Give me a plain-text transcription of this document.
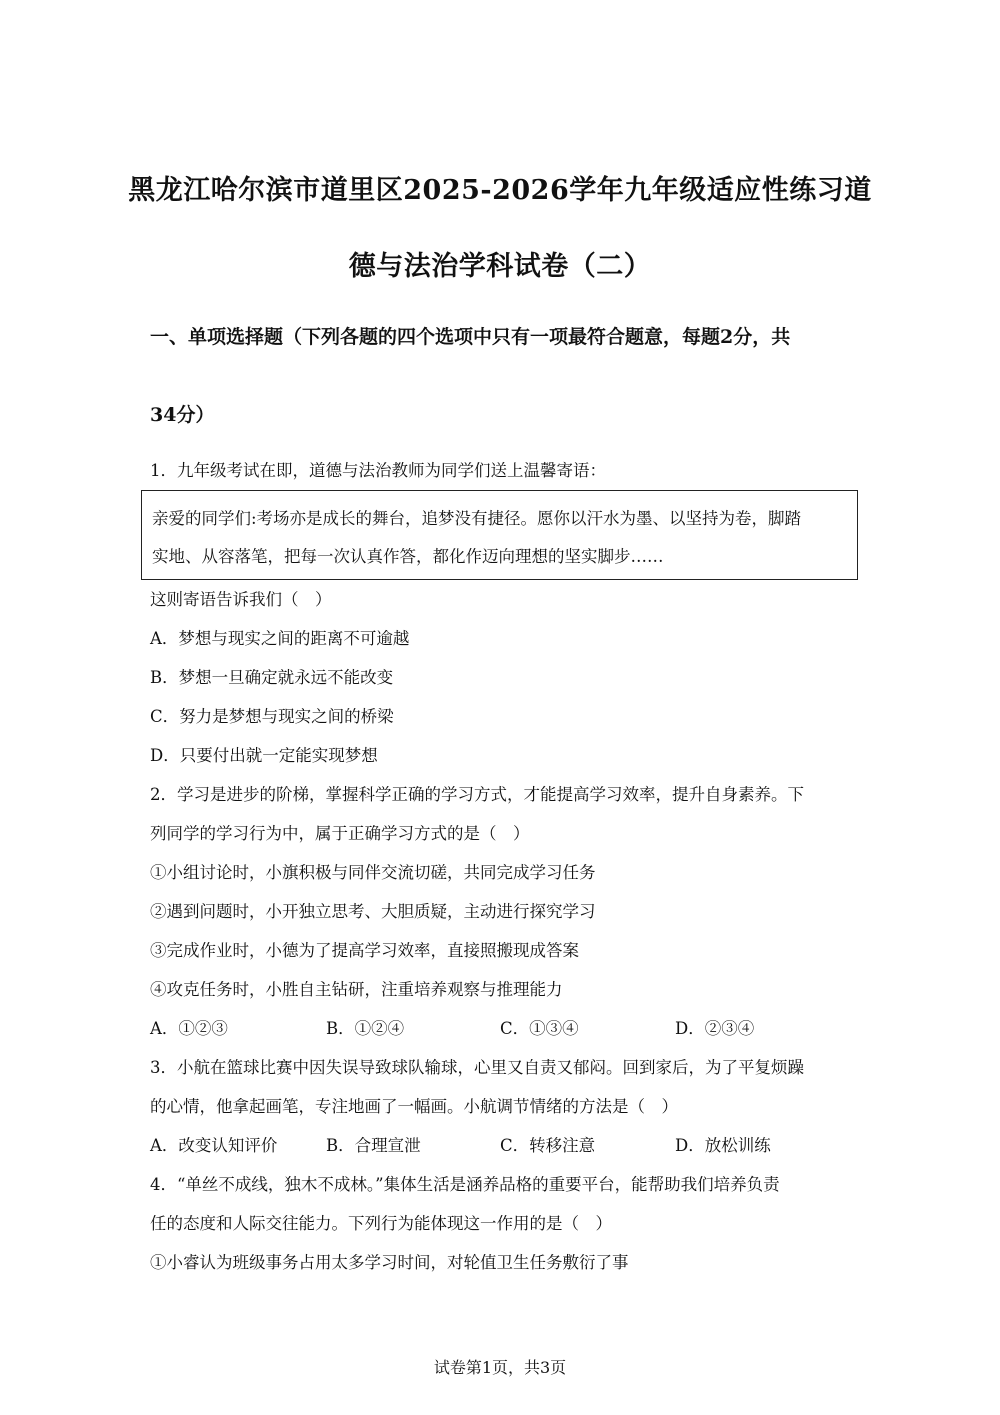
黑龙江哈尔滨市道里区2025-2026学年九年级适应性练习道
德与法治学科试卷（二）
一、单项选择题（下列各题的四个选项中只有一项最符合题意，每题2分，共
34分）
1．九年级考试在即，道德与法治教师为同学们送上温馨寄语：
亲爱的同学们:考场亦是成长的舞台，追梦没有捷径。愿你以汗水为墨、以坚持为卷，脚踏
实地、从容落笔，把每一次认真作答，都化作迈向理想的坚实脚步……
这则寄语告诉我们（　）
A．梦想与现实之间的距离不可逾越
B．梦想一旦确定就永远不能改变
C．努力是梦想与现实之间的桥梁
D．只要付出就一定能实现梦想
2．学习是进步的阶梯，掌握科学正确的学习方式，才能提高学习效率，提升自身素养。下
列同学的学习行为中，属于正确学习方式的是（　）
①小组讨论时，小旗积极与同伴交流切磋，共同完成学习任务
②遇到问题时，小开独立思考、大胆质疑，主动进行探究学习
③完成作业时，小德为了提高学习效率，直接照搬现成答案
④攻克任务时，小胜自主钻研，注重培养观察与推理能力
A．①②③	B．①②④	C．①③④	D．②③④
3．小航在篮球比赛中因失误导致球队输球，心里又自责又郁闷。回到家后，为了平复烦躁
的心情，他拿起画笔，专注地画了一幅画。小航调节情绪的方法是（　）
A．改变认知评价	B．合理宣泄	C．转移注意	D．放松训练
4．“单丝不成线，独木不成林。”集体生活是涵养品格的重要平台，能帮助我们培养负责
任的态度和人际交往能力。下列行为能体现这一作用的是（　）
①小睿认为班级事务占用太多学习时间，对轮值卫生任务敷衍了事
试卷第1页，共3页
